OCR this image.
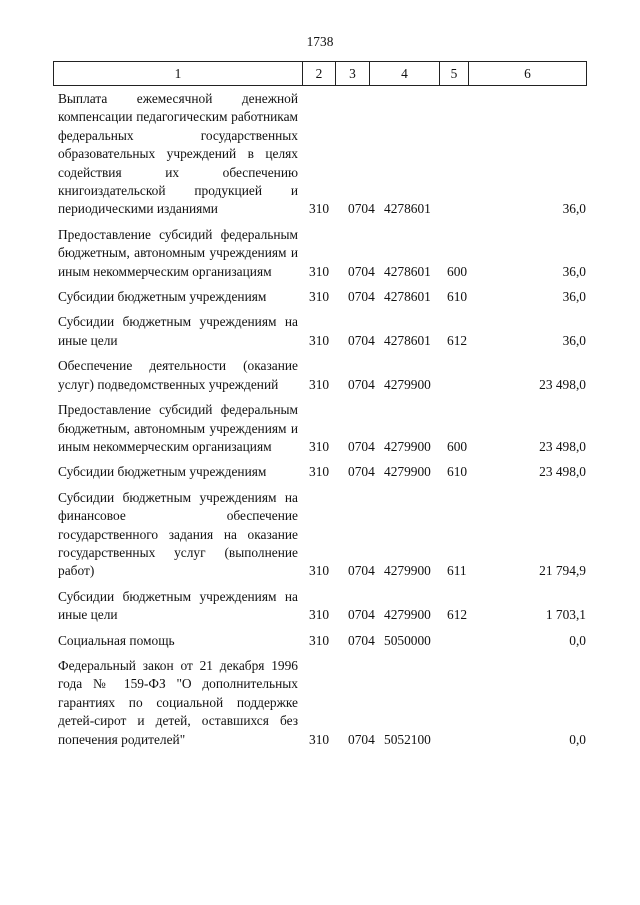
1738
1	2	3	4	5	6
Выплата ежемесячной денежной компенсации педагогическим работникам федеральных государственных образовательных учреждений в целях содействия их обеспечению книгоиздательской продукцией и периодическими изданиями	310 0704 4278601	36,0
Предоставление субсидий федеральным бюджетным, автономным учреждениям и иным некоммерческим организациям	310 0704 4278601 600	36,0
Субсидии бюджетным учреждениям	310 0704 4278601 610	36,0
Субсидии бюджетным учреждениям на иные цели	310 0704 4278601 612	36,0
Обеспечение деятельности (оказание услуг) подведомственных учреждений	310 0704 4279900	23 498,0
Предоставление субсидий федеральным бюджетным, автономным учреждениям и иным некоммерческим организациям	310 0704 4279900 600	23 498,0
Субсидии бюджетным учреждениям	310 0704 4279900 610	23 498,0
Субсидии бюджетным учреждениям на финансовое обеспечение государственного задания на оказание государственных услуг (выполнение работ)	310 0704 4279900 611	21 794,9
Субсидии бюджетным учреждениям на иные цели	310 0704 4279900 612	1 703,1
Социальная помощь	310 0704 5050000	0,0
Федеральный закон от 21 декабря 1996 года № 159-ФЗ "О дополнительных гарантиях по социальной поддержке детей-сирот и детей, оставшихся без попечения родителей"	310 0704 5052100	0,0
